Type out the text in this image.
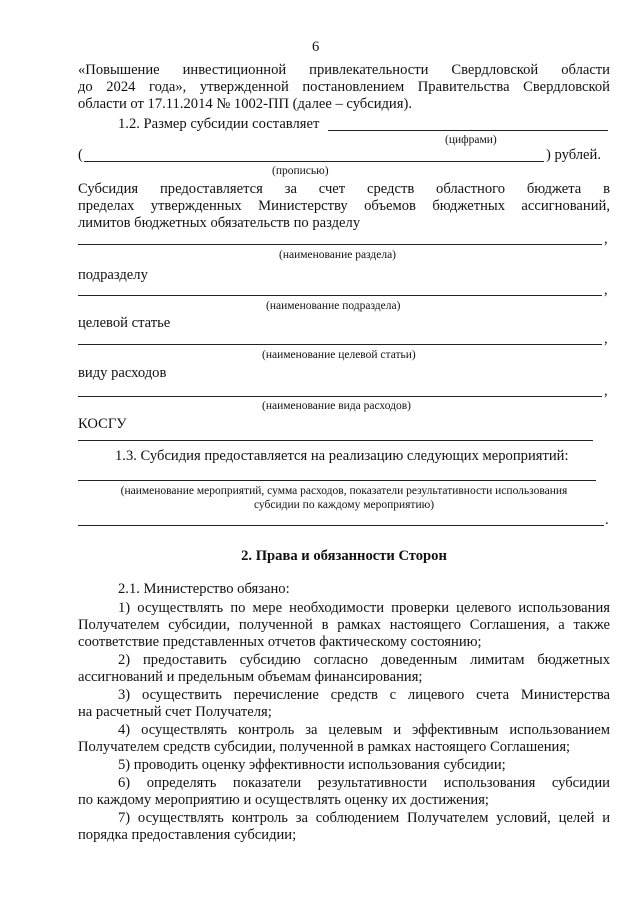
6
«Повышение инвестиционной привлекательности Свердловской области
до 2024 года», утвержденной постановлением Правительства Свердловской
области от 17.11.2014 № 1002-ПП (далее – субсидия).
1.2. Размер субсидии составляет
(цифрами)
(	) рублей.
(прописью)
Субсидия предоставляется за счет средств областного бюджета в
пределах утвержденных Министерству объемов бюджетных ассигнований,
лимитов бюджетных обязательств по разделу
,
(наименование раздела)
подразделу
,
(наименование подраздела)
целевой статье
,
(наименование целевой статьи)
виду расходов
,
(наименование вида расходов)
КОСГУ
1.3. Субсидия предоставляется на реализацию следующих мероприятий:
(наименование мероприятий, сумма расходов, показатели результативности использования
субсидии по каждому мероприятию)
.
2. Права и обязанности Сторон
2.1. Министерство обязано:
1) осуществлять по мере необходимости проверки целевого использования
Получателем субсидии, полученной в рамках настоящего Соглашения, а также
соответствие представленных отчетов фактическому состоянию;
2) предоставить субсидию согласно доведенным лимитам бюджетных
ассигнований и предельным объемам финансирования;
3) осуществить перечисление средств с лицевого счета Министерства
на расчетный счет Получателя;
4) осуществлять контроль за целевым и эффективным использованием
Получателем средств субсидии, полученной в рамках настоящего Соглашения;
5) проводить оценку эффективности использования субсидии;
6) определять показатели результативности использования субсидии
по каждому мероприятию и осуществлять оценку их достижения;
7) осуществлять контроль за соблюдением Получателем условий, целей и
порядка предоставления субсидии;
